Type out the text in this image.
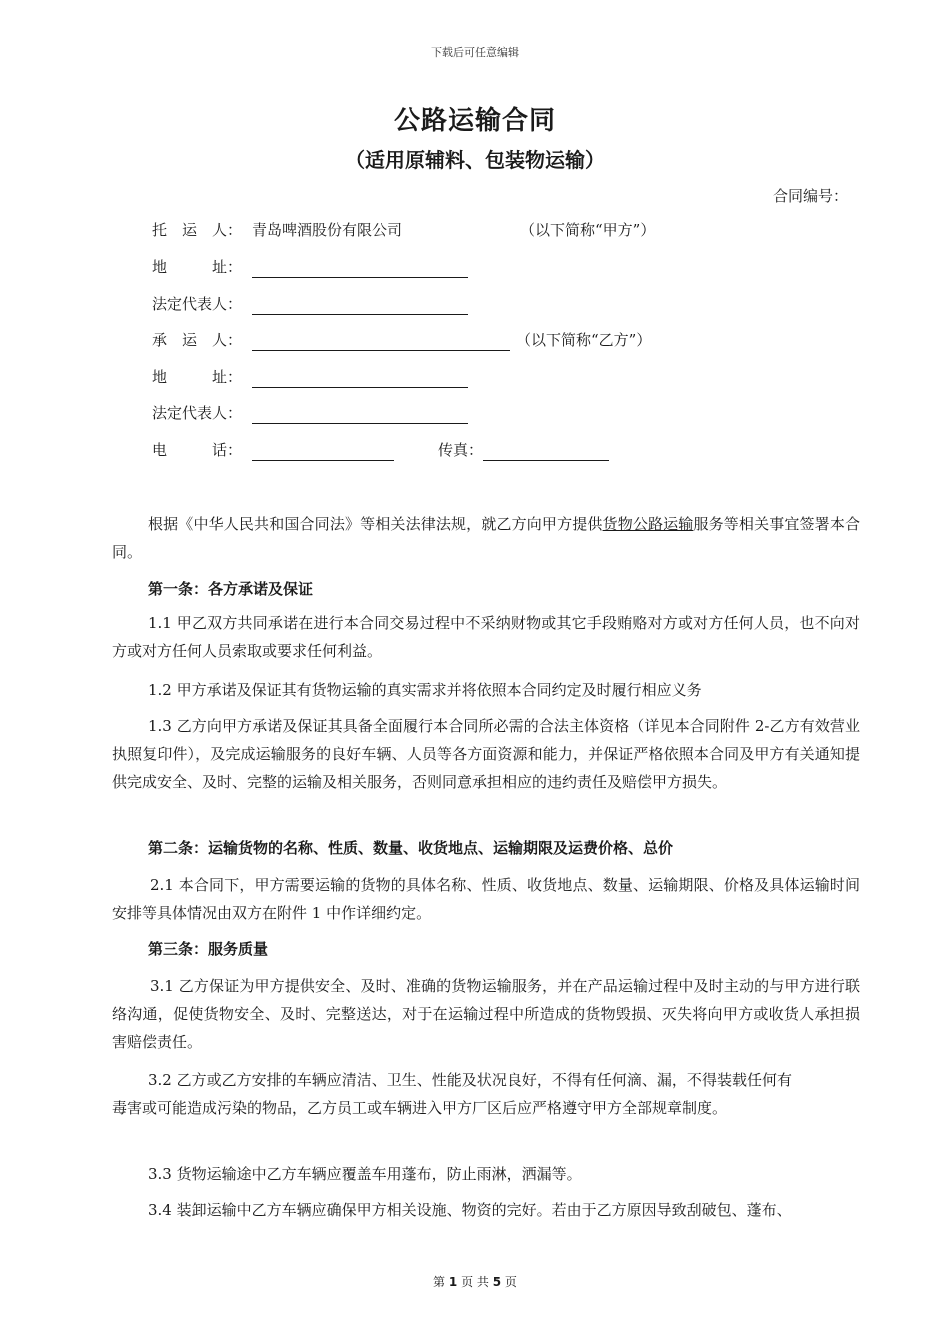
下载后可任意编辑
公路运输合同
（适用原辅料、包装物运输）
合同编号：
托　运　人： 青岛啤酒股份有限公司	（以下简称“甲方”）
地　　　址：
法定代表人：
承　运　人：	（以下简称“乙方”）
地　　　址：
法定代表人：
电　　　话：	传真：

根据《中华人民共和国合同法》等相关法律法规，就乙方向甲方提供货物公路运输服务等相关事宜签署本合同。

第一条：各方承诺及保证

1.1 甲乙双方共同承诺在进行本合同交易过程中不采纳财物或其它手段贿赂对方或对方任何人员，也不向对方或对方任何人员索取或要求任何利益。

1.2 甲方承诺及保证其有货物运输的真实需求并将依照本合同约定及时履行相应义务

1.3 乙方向甲方承诺及保证其具备全面履行本合同所必需的合法主体资格（详见本合同附件 2-乙方有效营业执照复印件），及完成运输服务的良好车辆、人员等各方面资源和能力，并保证严格依照本合同及甲方有关通知提供完成安全、及时、完整的运输及相关服务，否则同意承担相应的违约责任及赔偿甲方损失。

第二条：运输货物的名称、性质、数量、收货地点、运输期限及运费价格、总价

2.1 本合同下，甲方需要运输的货物的具体名称、性质、收货地点、数量、运输期限、价格及具体运输时间安排等具体情况由双方在附件 1 中作详细约定。

第三条：服务质量

3.1 乙方保证为甲方提供安全、及时、准确的货物运输服务，并在产品运输过程中及时主动的与甲方进行联络沟通，促使货物安全、及时、完整送达，对于在运输过程中所造成的货物毁损、灭失将向甲方或收货人承担损害赔偿责任。

3.2 乙方或乙方安排的车辆应清洁、卫生、性能及状况良好，不得有任何滴、漏，不得装载任何有毒害或可能造成污染的物品，乙方员工或车辆进入甲方厂区后应严格遵守甲方全部规章制度。

3.3 货物运输途中乙方车辆应覆盖车用蓬布，防止雨淋，洒漏等。

3.4 装卸运输中乙方车辆应确保甲方相关设施、物资的完好。若由于乙方原因导致刮破包、蓬布、

第 1 页 共 5 页
